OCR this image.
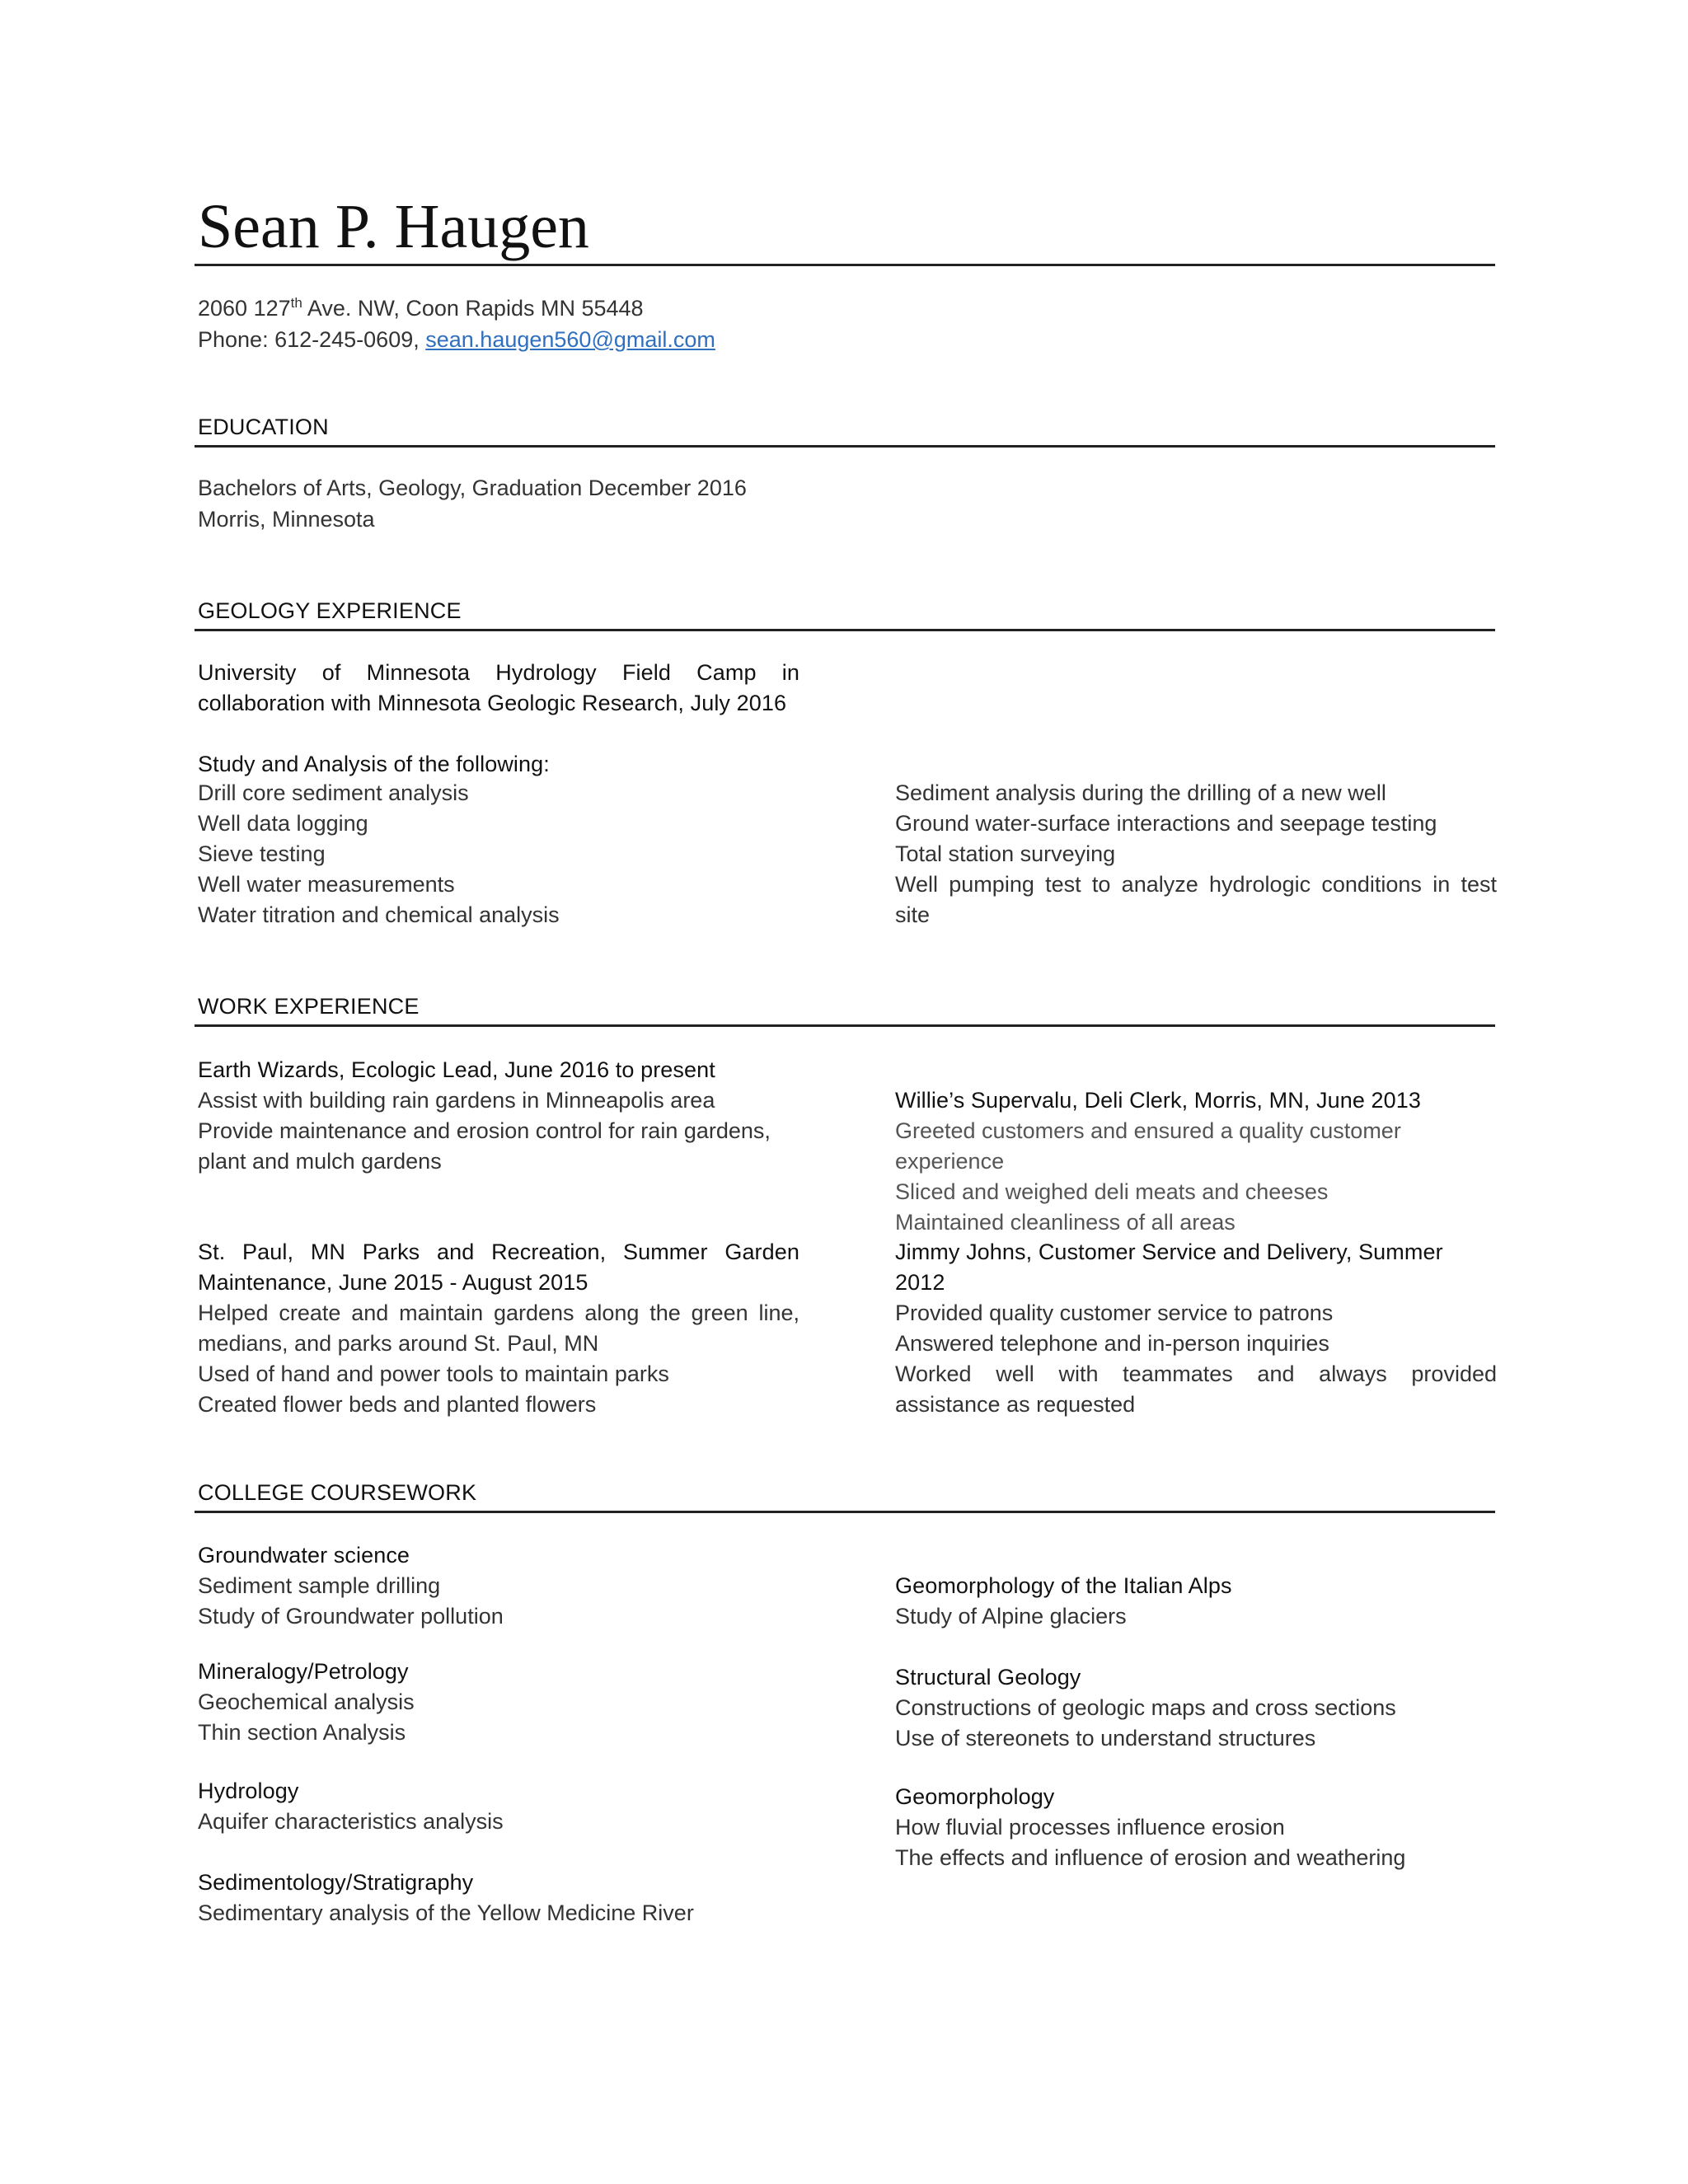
Sean P. Haugen
2060 127th Ave. NW, Coon Rapids MN 55448
Phone: 612-245-0609, sean.haugen560@gmail.com
EDUCATION
Bachelors of Arts, Geology, Graduation December 2016
Morris, Minnesota
GEOLOGY EXPERIENCE
University of Minnesota Hydrology Field Camp in collaboration with Minnesota Geologic Research, July 2016
Study and Analysis of the following:
Drill core sediment analysis
Well data logging
Sieve testing
Well water measurements
Water titration and chemical analysis
Sediment analysis during the drilling of a new well
Ground water-surface interactions and seepage testing
Total station surveying
Well pumping test to analyze hydrologic conditions in test site
WORK EXPERIENCE
Earth Wizards, Ecologic Lead, June 2016 to present
Assist with building rain gardens in Minneapolis area
Provide maintenance and erosion control for rain gardens, plant and mulch gardens
Willie’s Supervalu, Deli Clerk, Morris, MN, June 2013 Greeted customers and ensured a quality customer experience
Sliced and weighed deli meats and cheeses
Maintained cleanliness of all areas
St. Paul, MN Parks and Recreation, Summer Garden Maintenance, June 2015 - August 2015
Helped create and maintain gardens along the green line, medians, and parks around St. Paul, MN
Used of hand and power tools to maintain parks
Created flower beds and planted flowers
Jimmy Johns, Customer Service and Delivery, Summer 2012
Provided quality customer service to patrons
Answered telephone and in-person inquiries
Worked well with teammates and always provided assistance as requested
COLLEGE COURSEWORK
Groundwater science
Sediment sample drilling
Study of Groundwater pollution
Mineralogy/Petrology
Geochemical analysis
Thin section Analysis
Hydrology
Aquifer characteristics analysis
Sedimentology/Stratigraphy
Sedimentary analysis of the Yellow Medicine River
Geomorphology of the Italian Alps
Study of Alpine glaciers
Structural Geology
Constructions of geologic maps and cross sections
Use of stereonets to understand structures
Geomorphology
How fluvial processes influence erosion
The effects and influence of erosion and weathering
